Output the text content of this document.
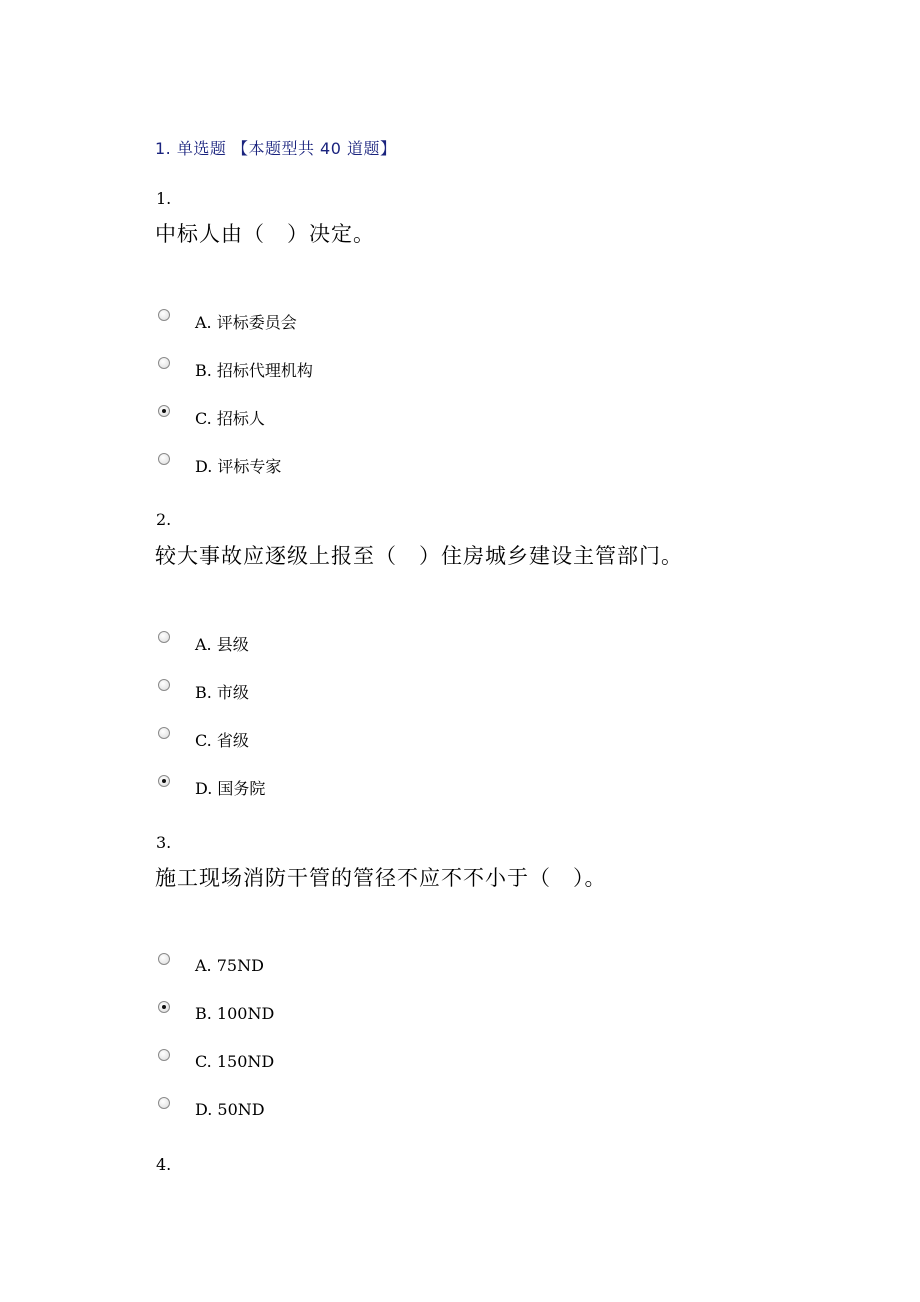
1. 单选题 【本题型共 40 道题】
1.
中标人由（　）决定。
A. 评标委员会
B. 招标代理机构
C. 招标人
D. 评标专家
2.
较大事故应逐级上报至（　）住房城乡建设主管部门。
A. 县级
B. 市级
C. 省级
D. 国务院
3.
施工现场消防干管的管径不应不不小于（　）。
A. 75ND
B. 100ND
C. 150ND
D. 50ND
4.
